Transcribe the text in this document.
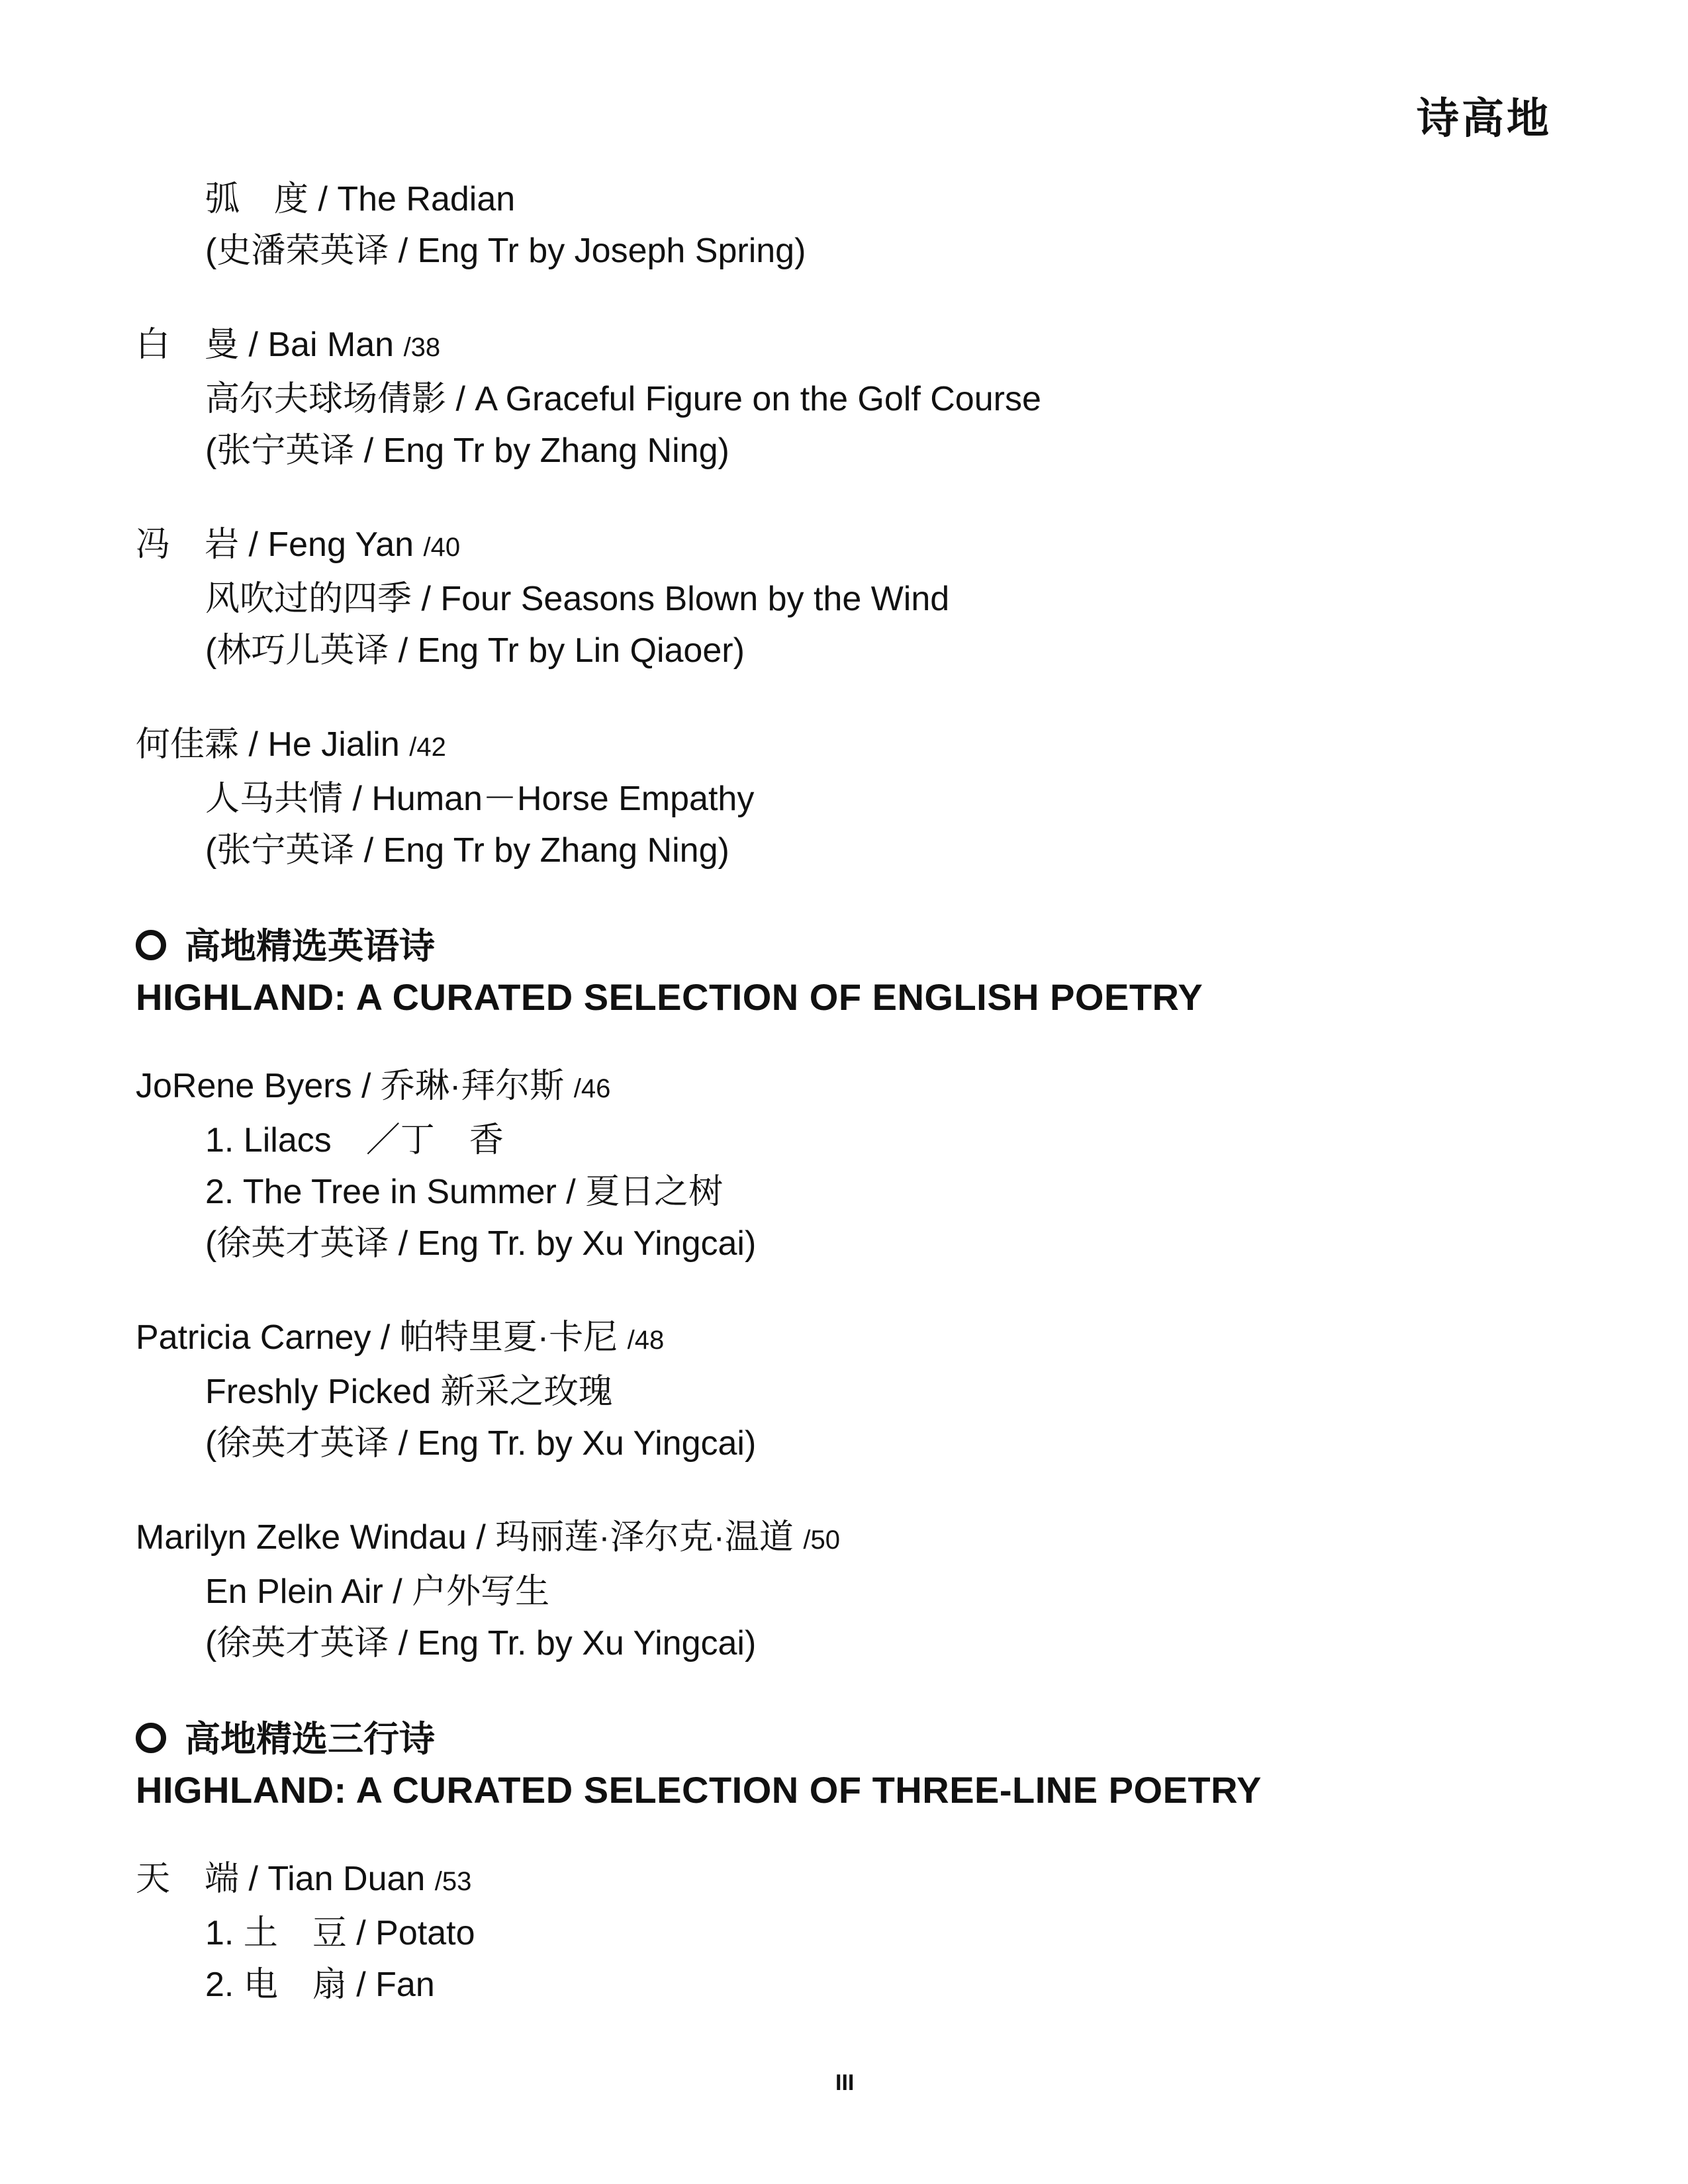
诗高地
弧　度 / The Radian
(史潘荣英译 / Eng Tr by Joseph Spring)
白　曼 / Bai Man /38
高尔夫球场倩影 / A Graceful Figure on the Golf Course
(张宁英译 / Eng Tr by Zhang Ning)
冯　岩 / Feng Yan /40
风吹过的四季 / Four Seasons Blown by the Wind
(林巧儿英译 / Eng Tr by Lin Qiaoer)
何佳霖 / He Jialin /42
人马共情 / Human－Horse Empathy
(张宁英译 / Eng Tr by Zhang Ning)
高地精选英语诗
HIGHLAND: A CURATED SELECTION OF ENGLISH POETRY
JoRene Byers / 乔琳·拜尔斯 /46
1. Lilacs　／丁　香
2. The Tree in Summer / 夏日之树
(徐英才英译 / Eng Tr. by Xu Yingcai)
Patricia Carney / 帕特里夏·卡尼 /48
Freshly Picked 新采之玫瑰
(徐英才英译 / Eng Tr. by Xu Yingcai)
Marilyn Zelke Windau / 玛丽莲·泽尔克·温道 /50
En Plein Air / 户外写生
(徐英才英译 / Eng Tr. by Xu Yingcai)
高地精选三行诗
HIGHLAND: A CURATED SELECTION OF THREE-LINE POETRY
天　端 / Tian Duan /53
1. 土　豆 / Potato
2. 电　扇 / Fan
III
